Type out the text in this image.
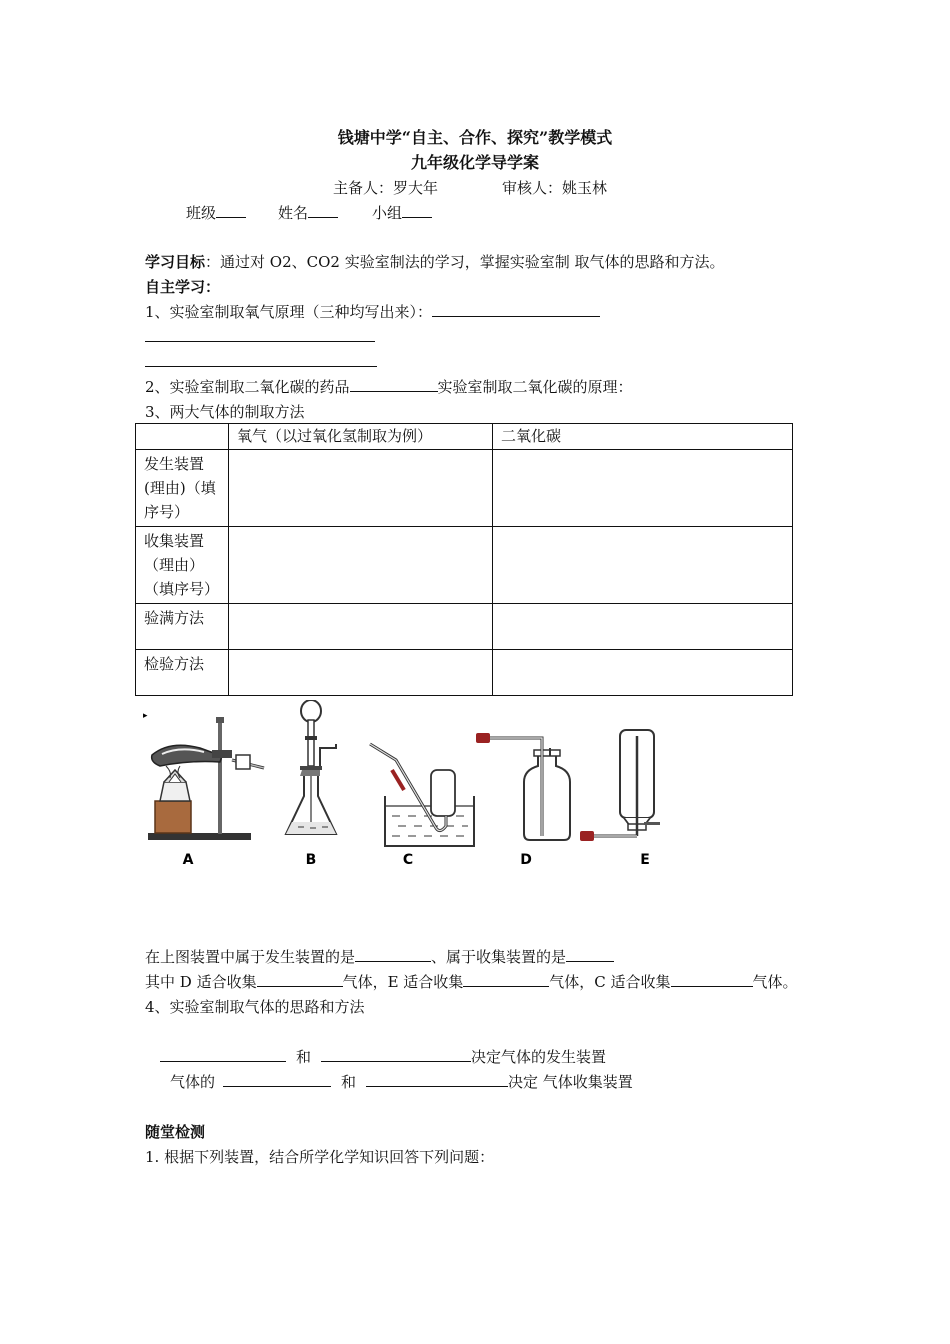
钱塘中学“自主、合作、探究”教学模式
九年级化学导学案
主备人：罗大年	审核人：姚玉林
班级	姓名	小组
学习目标：通过对 O2、CO2 实验室制法的学习，掌握实验室制 取气体的思路和方法。
自主学习：
1、实验室制取氧气原理（三种均写出来）：
2、实验室制取二氧化碳的药品	实验室制取二氧化碳的原理：
3、两大气体的制取方法
	氧气（以过氧化氢制取为例）	二氧化碳
发生装置(理由)（填序号）		
收集装置（理由）（填序号）		
验满方法		
检验方法		
▸
A	B	C	D	E
在上图装置中属于发生装置的是	、属于收集装置的是
其中 D 适合收集	气体，E 适合收集	气体，C 适合收集	气体。
4、实验室制取气体的思路和方法
和	决定气体的发生装置
气体的	和	决定 气体收集装置
随堂检测
1. 根据下列装置，结合所学化学知识回答下列问题：
